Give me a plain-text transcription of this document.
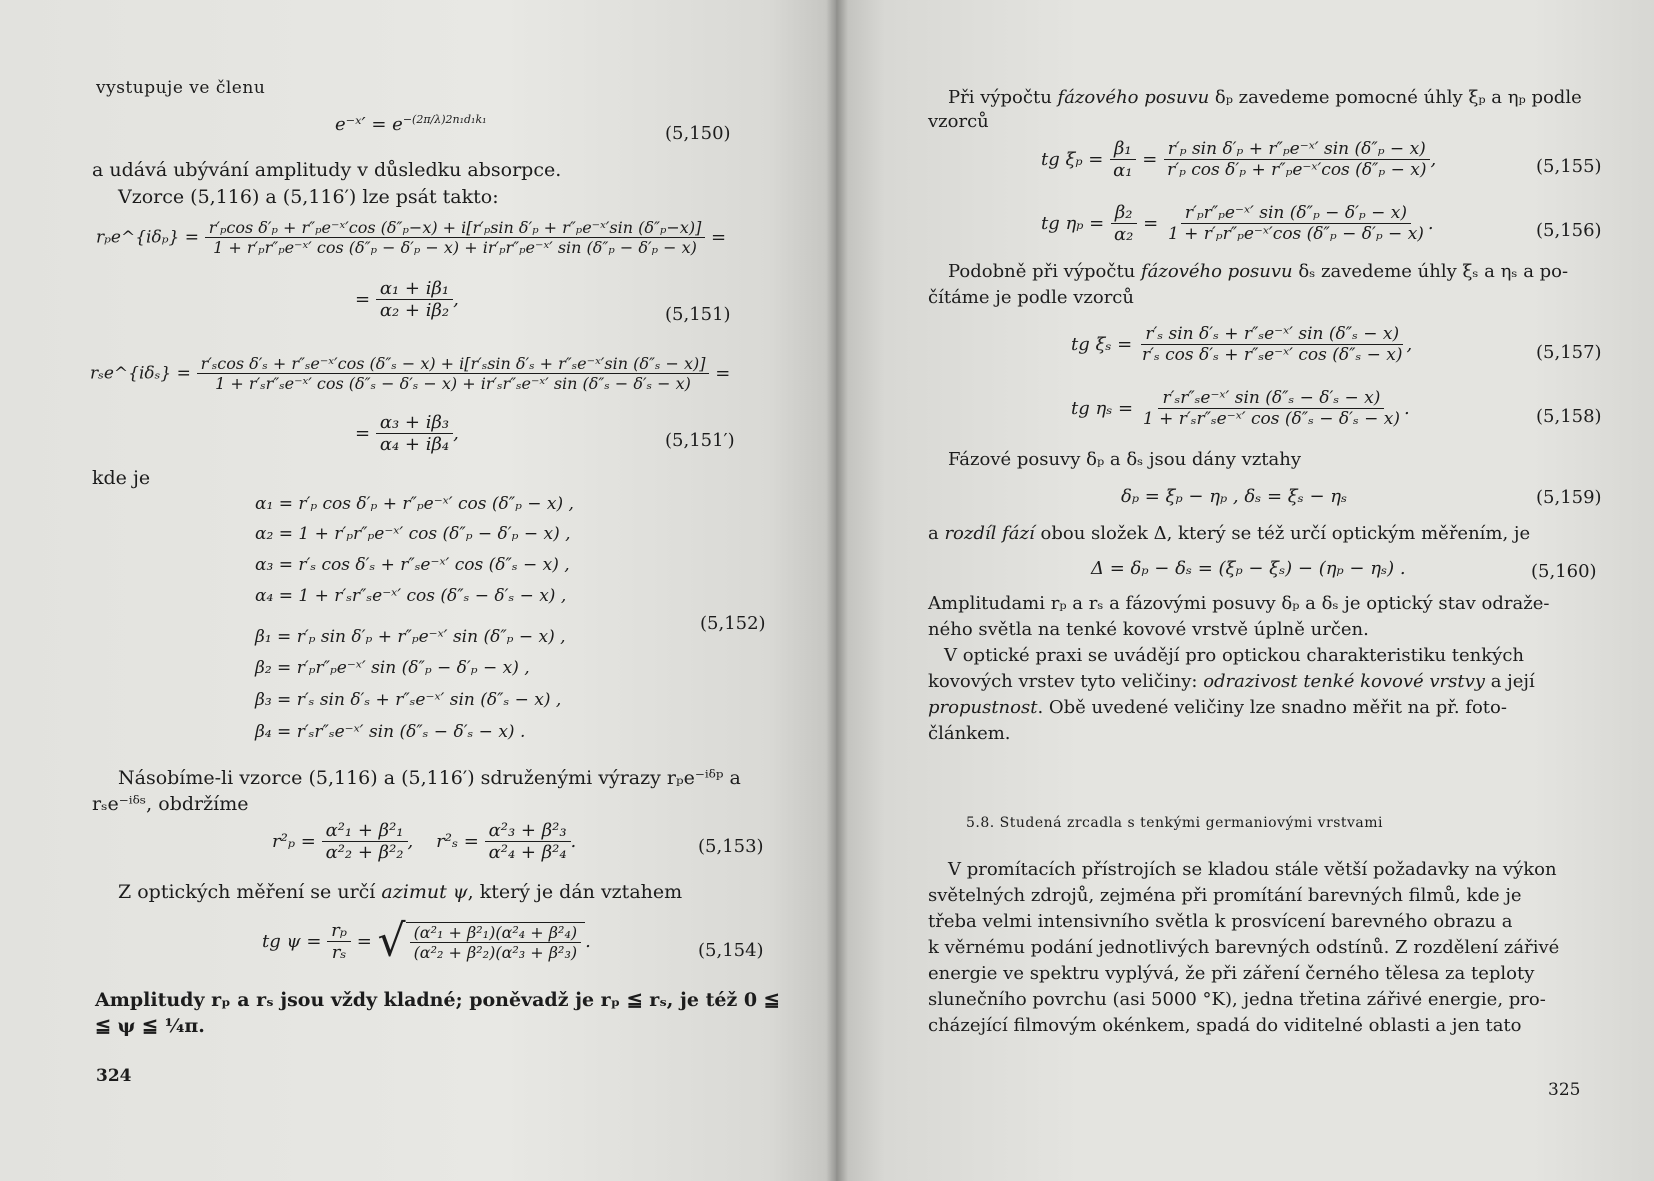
vystupuje ve členu
e⁻ˣ′ = $e^{-(2\pi/\lambda)2n_1d_1k_1}$
(5,150)
a udává ubývání amplitudy v důsledku absorpce.
Vzorce (5,116) a (5,116′) lze psát takto:
rₚe^{iδₚ} = r′ₚcos δ′ₚ + r″ₚe⁻ˣ′cos (δ″ₚ−x) + i[r′ₚsin δ′ₚ + r″ₚe⁻ˣ′sin (δ″ₚ−x)]
1 + r′ₚr″ₚe⁻ˣ′ cos (δ″ₚ − δ′ₚ − x) + ir′ₚr″ₚe⁻ˣ′ sin (δ″ₚ − δ′ₚ − x) =
= $\frac{\text{α₁ + iβ₁}}{\text{α₂ + iβ₂}}$ ,
(5,151)
rₛe^{iδₛ} = r′ₛcos δ′ₛ + r″ₛe⁻ˣ′cos (δ″ₛ − x) + i[r′ₛsin δ′ₛ + r″ₛe⁻ˣ′sin (δ″ₛ − x)]
1 + r′ₛr″ₛe⁻ˣ′ cos (δ″ₛ − δ′ₛ − x) + ir′ₛr″ₛe⁻ˣ′ sin (δ″ₛ − δ′ₛ − x) =
= $\frac{\text{α₃ + iβ₃}}{\text{α₄ + iβ₄}}$ ,	(5,151′)
kde je
α₁ = r′ₚ cos δ′ₚ + r″ₚe⁻ˣ′ cos (δ″ₚ − x) ,
α₂ = 1 + r′ₚr″ₚe⁻ˣ′ cos (δ″ₚ − δ′ₚ − x) ,
α₃ = r′ₛ cos δ′ₛ + r″ₛe⁻ˣ′ cos (δ″ₛ − x) ,
α₄ = 1 + r′ₛr″ₛe⁻ˣ′ cos (δ″ₛ − δ′ₛ − x) ,
β₁ = r′ₚ sin δ′ₚ + r″ₚe⁻ˣ′ sin (δ″ₚ − x) ,
β₂ = r′ₚr″ₚe⁻ˣ′ sin (δ″ₚ − δ′ₚ − x) ,
β₃ = r′ₛ sin δ′ₛ + r″ₛe⁻ˣ′ sin (δ″ₛ − x) ,
β₄ = r′ₛr″ₛe⁻ˣ′ sin (δ″ₛ − δ′ₛ − x) .
(5,152)
Násobíme-li vzorce (5,116) a (5,116′) sdruženými výrazy rₚe⁻ⁱᵟᵖ a
rₛe⁻ⁱᵟˢ, obdržíme
$r^2_p = \frac{\text{α²₁ + β²₁}}{\text{α²₂ + β²₂}}$ ,    $r^2_s = \frac{\text{α²₃ + β²₃}}{\text{α²₄ + β²₄}}$ .	(5,153)
Z optických měření se určí azimut ψ, který je dán vztahem
tg $\psi = \frac{\text{rₚ}}{\text{rₛ}}$ = √ $\frac{\text{(α²₁ + β²₁)(α²₄ + β²₄)}}{\text{(α²₂ + β²₂)(α²₃ + β²₃)}}$ .	(5,154)
Amplitudy rₚ a rₛ jsou vždy kladné; poněvadž je rₚ ≦ rₛ, je též 0 ≦
≦ ψ ≦ ¼π.
324
Při výpočtu fázového posuvu δₚ zavedeme pomocné úhly ξₚ a ηₚ podle
vzorců
tg $\xi_p = \frac{\text{β₁}}{\text{α₁}} = \frac{\text{r′ₚ sin δ′ₚ + r″ₚe⁻ˣ′ sin (δ″ₚ − x)}}{\text{r′ₚ cos δ′ₚ + r″ₚe⁻ˣ′cos (δ″ₚ − x)}}$ ,	(5,155)
tg $\eta_p = \frac{\text{β₂}}{\text{α₂}} = \frac{\text{r′ₚr″ₚe⁻ˣ′ sin (δ″ₚ − δ′ₚ − x)}}{\text{1 + r′ₚr″ₚe⁻ˣ′cos (δ″ₚ − δ′ₚ − x)}}$ .	(5,156)
Podobně při výpočtu fázového posuvu δₛ zavedeme úhly ξₛ a ηₛ a po-
čítáme je podle vzorců
tg $\xi_s = \frac{\text{r′ₛ sin δ′ₛ + r″ₛe⁻ˣ′ sin (δ″ₛ − x)}}{\text{r′ₛ cos δ′ₛ + r″ₛe⁻ˣ′ cos (δ″ₛ − x)}}$ ,	(5,157)
tg $\eta_s = \frac{\text{r′ₛr″ₛe⁻ˣ′ sin (δ″ₛ − δ′ₛ − x)}}{\text{1 + r′ₛr″ₛe⁻ˣ′ cos (δ″ₛ − δ′ₛ − x)}}$ .	(5,158)
Fázové posuvy δₚ a δₛ jsou dány vztahy
δₚ = ξₚ − ηₚ , δₛ = ξₛ − ηₛ	(5,159)
a rozdíl fází obou složek Δ, který se též určí optickým měřením, je
Δ = δₚ − δₛ = (ξₚ − ξₛ) − (ηₚ − ηₛ) .	(5,160)
Amplitudami rₚ a rₛ a fázovými posuvy δₚ a δₛ je optický stav odraže-
ného světla na tenké kovové vrstvě úplně určen.
V optické praxi se uvádějí pro optickou charakteristiku tenkých
kovových vrstev tyto veličiny: odrazivost tenké kovové vrstvy a její
propustnost. Obě uvedené veličiny lze snadno měřit na př. foto-
článkem.
5.8. Studená zrcadla s tenkými germaniovými vrstvami
V promítacích přístrojích se kladou stále větší požadavky na výkon
světelných zdrojů, zejména při promítání barevných filmů, kde je
třeba velmi intensivního světla k prosvícení barevného obrazu a
k věrnému podání jednotlivých barevných odstínů. Z rozdělení zářivé
energie ve spektru vyplývá, že při záření černého tělesa za teploty
slunečního povrchu (asi 5000 °K), jedna třetina zářivé energie, pro-
cházející filmovým okénkem, spadá do viditelné oblasti a jen tato
325
